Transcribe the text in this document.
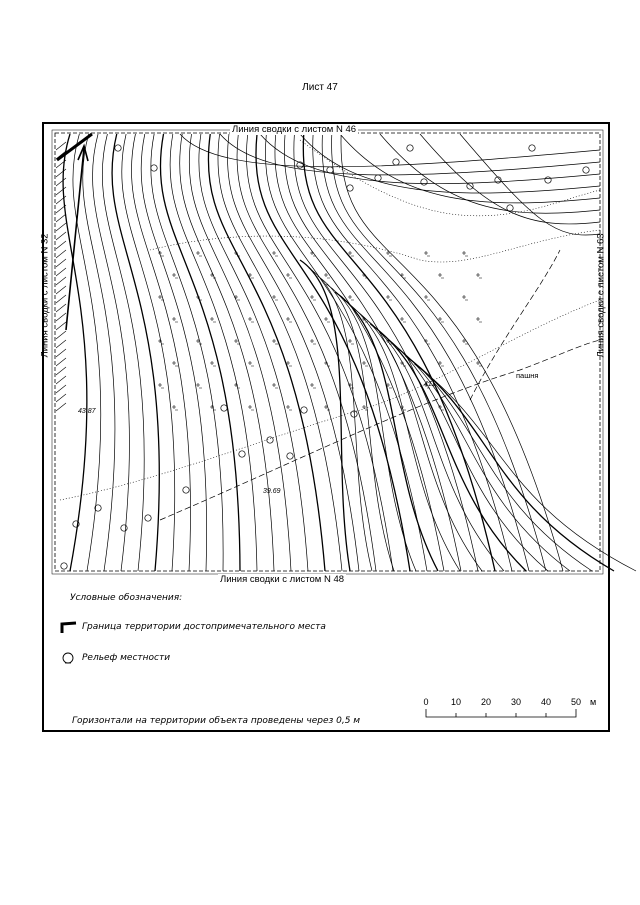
Лист 47
43.87
411
39.69
пашня
Линия сводки с листом N 46
Линия сводки с листом N 48
Линия сводки с листом N 32	Линия сводки с листом N 63
Условные обозначения:
Граница территории достопримечательного места
Рельеф местности
0 10 20 30 40 50 м
Горизонтали на территории объекта проведены через 0,5 м
